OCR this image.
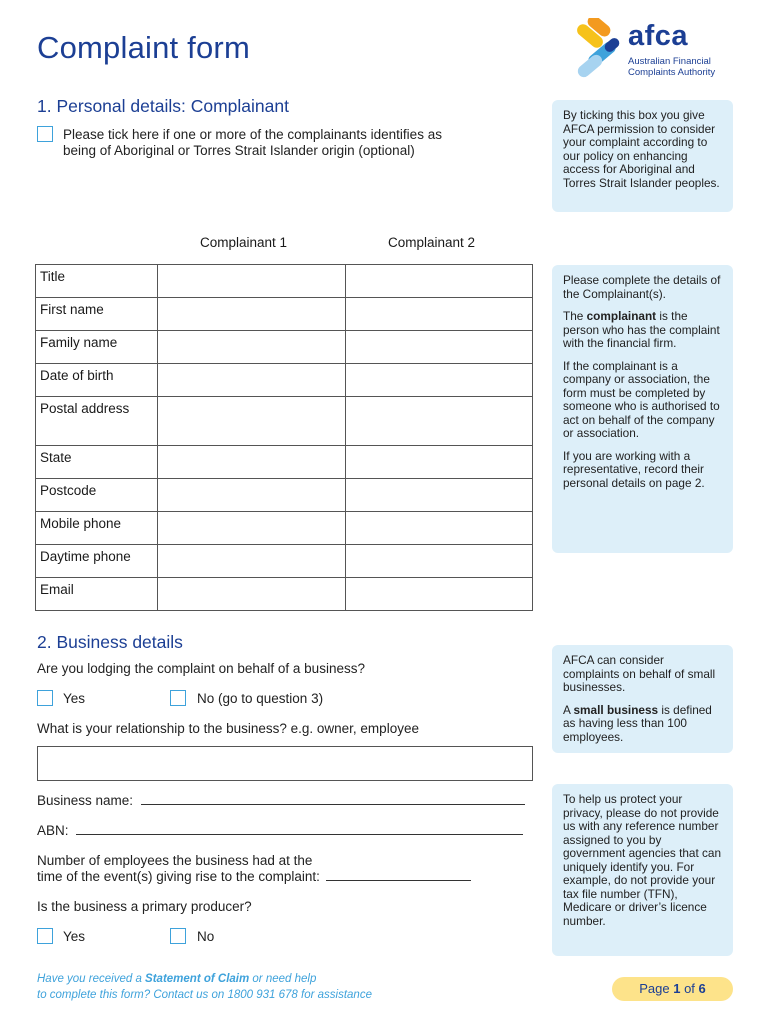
Complaint form	afca
Australian Financial
Complaints Authority
1. Personal details: Complainant
Please tick here if one or more of the complainants identifies as
being of Aboriginal or Torres Strait Islander origin (optional)

By ticking this box you give AFCA permission to consider your complaint according to our policy on enhancing access for Aboriginal and Torres Strait Islander peoples.

Complainant 1	Complainant 2
Title		
First name		
Family name		
Date of birth		
Postal address		
State		
Postcode		
Mobile phone		
Daytime phone		
Email		

Please complete the details of the Complainant(s).

The complainant is the person who has the complaint with the financial firm.

If the complainant is a company or association, the form must be completed by someone who is authorised to act on behalf of the company or association.

If you are working with a representative, record their personal details on page 2.

2. Business details
Are you lodging the complaint on behalf of a business?
Yes	No (go to question 3)
What is your relationship to the business? e.g. owner, employee
Business name:
ABN:
Number of employees the business had at the
time of the event(s) giving rise to the complaint:
Is the business a primary producer?
Yes	No

AFCA can consider complaints on behalf of small businesses.

A small business is defined as having less than 100 employees.

To help us protect your privacy, please do not provide us with any reference number assigned to you by government agencies that can uniquely identify you. For example, do not provide your tax file number (TFN), Medicare or driver’s licence number.

Have you received a Statement of Claim or need help
to complete this form? Contact us on 1800 931 678 for assistance	Page 1 of 6
